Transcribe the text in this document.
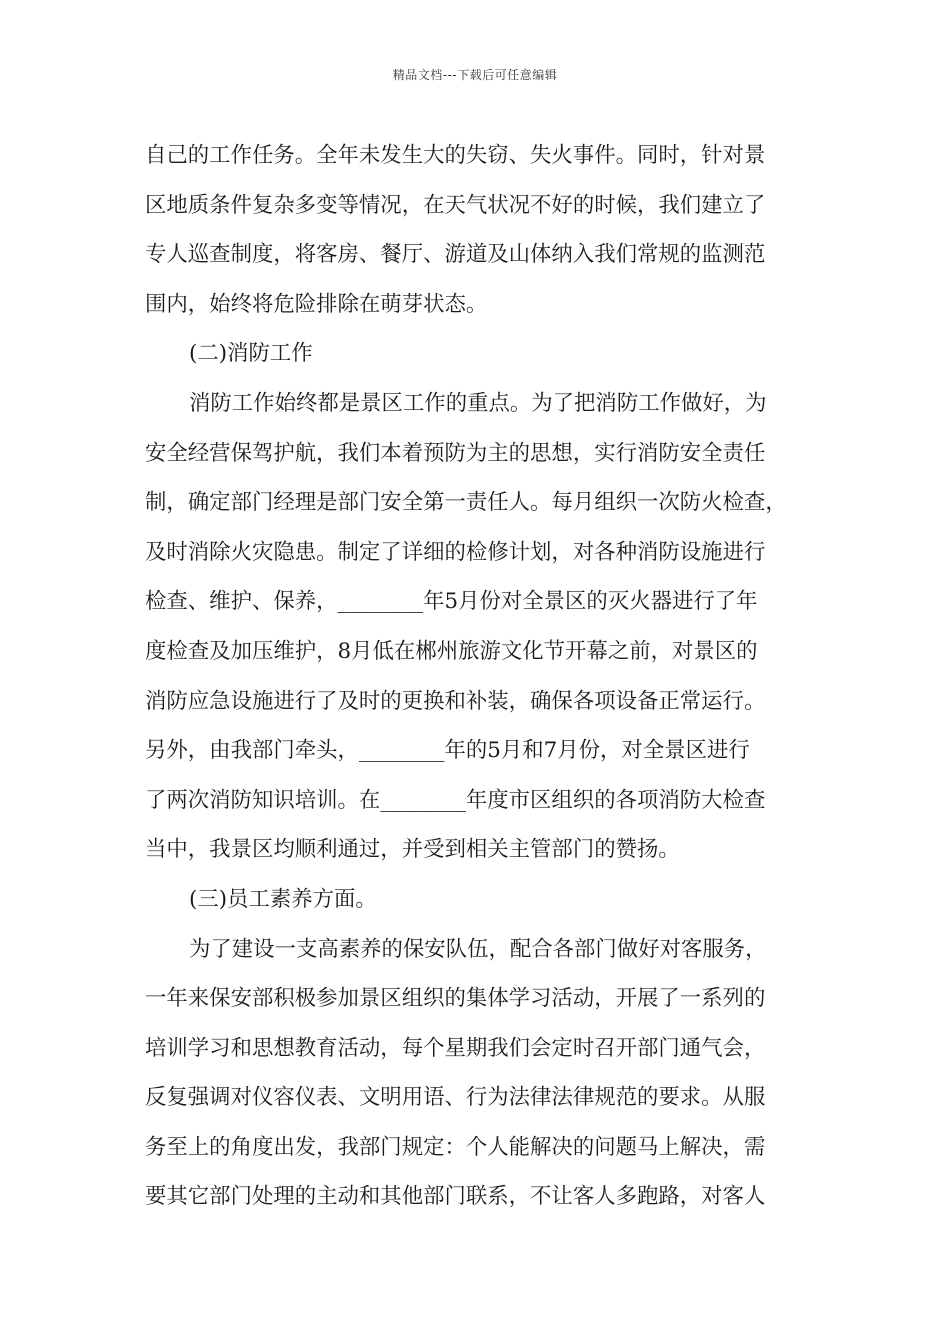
精品文档---下载后可任意编辑
自己的工作任务。全年未发生大的失窃、失火事件。同时，针对景
区地质条件复杂多变等情况，在天气状况不好的时候，我们建立了
专人巡查制度，将客房、餐厅、游道及山体纳入我们常规的监测范
围内，始终将危险排除在萌芽状态。
(二)消防工作
消防工作始终都是景区工作的重点。为了把消防工作做好，为
安全经营保驾护航，我们本着预防为主的思想，实行消防安全责任
制，确定部门经理是部门安全第一责任人。每月组织一次防火检查，
及时消除火灾隐患。制定了详细的检修计划，对各种消防设施进行
检查、维护、保养，________年5月份对全景区的灭火器进行了年
度检查及加压维护，8月低在郴州旅游文化节开幕之前，对景区的
消防应急设施进行了及时的更换和补装，确保各项设备正常运行。
另外，由我部门牵头，________年的5月和7月份，对全景区进行
了两次消防知识培训。在________年度市区组织的各项消防大检查
当中，我景区均顺利通过，并受到相关主管部门的赞扬。
(三)员工素养方面。
为了建设一支高素养的保安队伍，配合各部门做好对客服务，
一年来保安部积极参加景区组织的集体学习活动，开展了一系列的
培训学习和思想教育活动，每个星期我们会定时召开部门通气会，
反复强调对仪容仪表、文明用语、行为法律法律规范的要求。从服
务至上的角度出发，我部门规定：个人能解决的问题马上解决，需
要其它部门处理的主动和其他部门联系，不让客人多跑路，对客人
